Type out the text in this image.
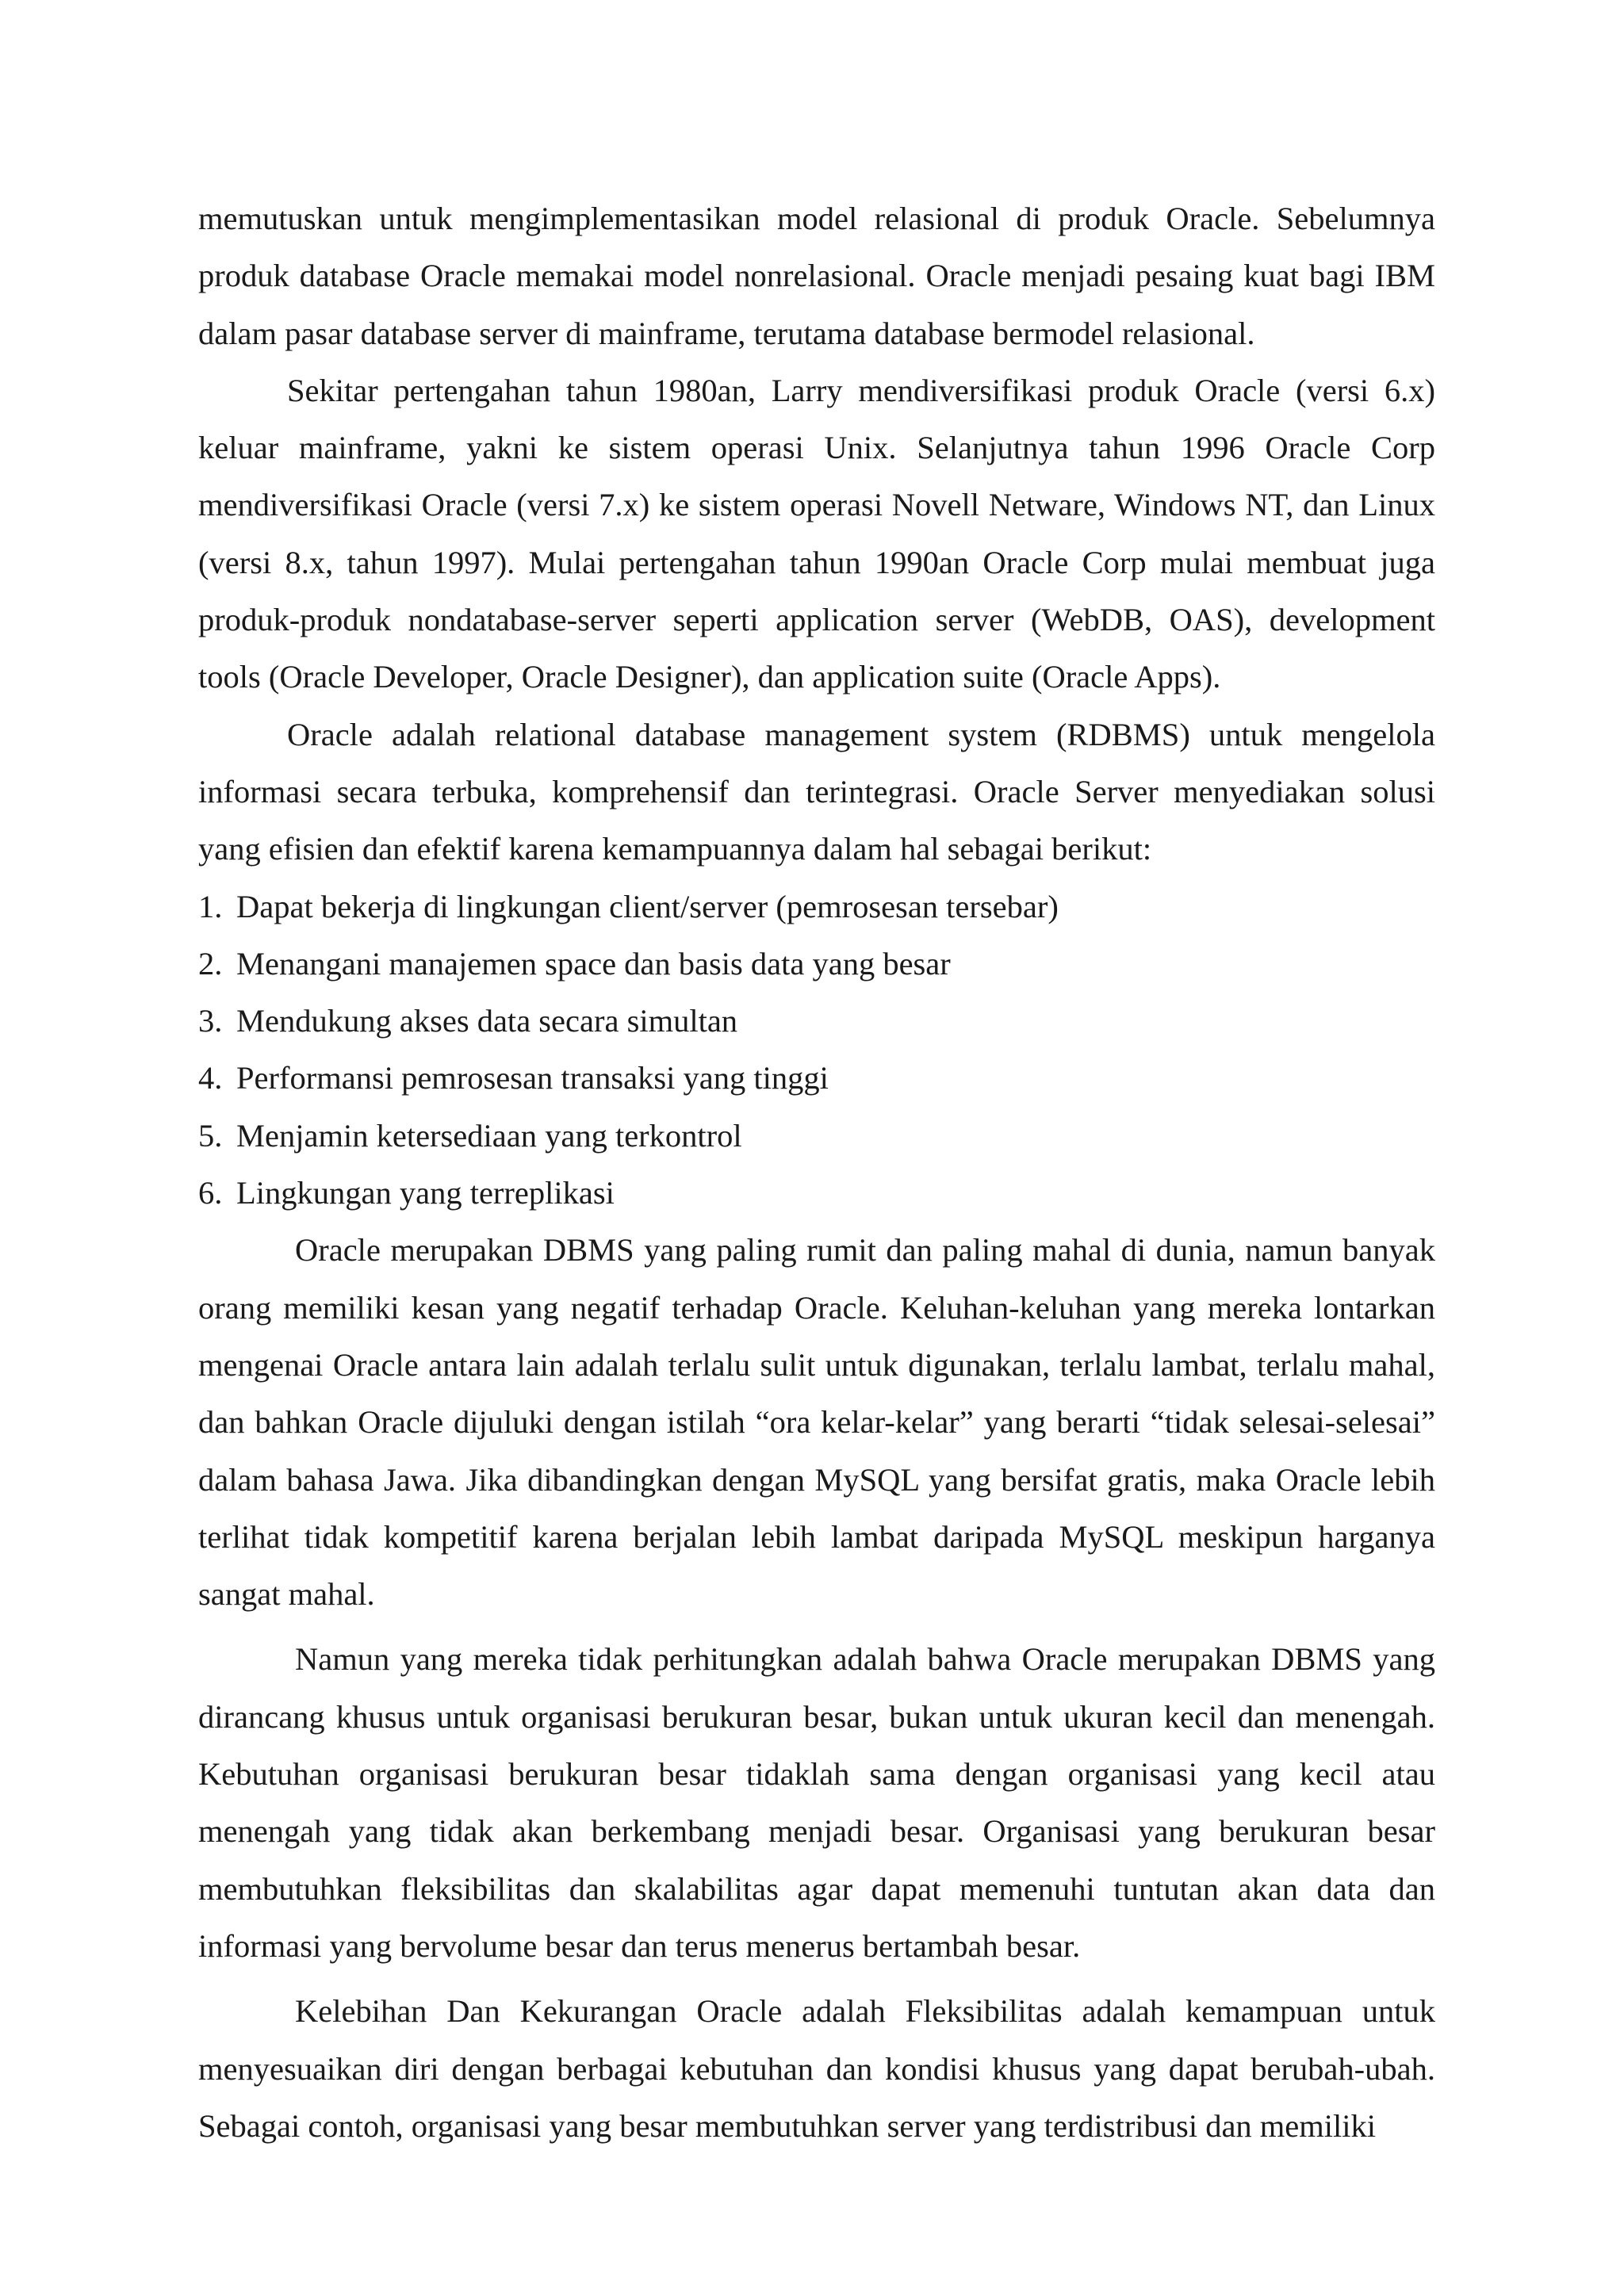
memutuskan untuk mengimplementasikan model relasional di produk Oracle. Sebelumnya produk database Oracle memakai model nonrelasional. Oracle menjadi pesaing kuat bagi IBM dalam pasar database server di mainframe, terutama database bermodel relasional.

Sekitar pertengahan tahun 1980an, Larry mendiversifikasi produk Oracle (versi 6.x) keluar mainframe, yakni ke sistem operasi Unix. Selanjutnya tahun 1996 Oracle Corp mendiversifikasi Oracle (versi 7.x) ke sistem operasi Novell Netware, Windows NT, dan Linux (versi 8.x, tahun 1997). Mulai pertengahan tahun 1990an Oracle Corp mulai membuat juga produk-produk nondatabase-server seperti application server (WebDB, OAS), development tools (Oracle Developer, Oracle Designer), dan application suite (Oracle Apps).

Oracle adalah relational database management system (RDBMS) untuk mengelola informasi secara terbuka, komprehensif dan terintegrasi. Oracle Server menyediakan solusi yang efisien dan efektif karena kemampuannya dalam hal sebagai berikut:

1. Dapat bekerja di lingkungan client/server (pemrosesan tersebar)
2. Menangani manajemen space dan basis data yang besar
3. Mendukung akses data secara simultan
4. Performansi pemrosesan transaksi yang tinggi
5. Menjamin ketersediaan yang terkontrol
6. Lingkungan yang terreplikasi

Oracle merupakan DBMS yang paling rumit dan paling mahal di dunia, namun banyak orang memiliki kesan yang negatif terhadap Oracle. Keluhan-keluhan yang mereka lontarkan mengenai Oracle antara lain adalah terlalu sulit untuk digunakan, terlalu lambat, terlalu mahal, dan bahkan Oracle dijuluki dengan istilah “ora kelar-kelar” yang berarti “tidak selesai-selesai” dalam bahasa Jawa. Jika dibandingkan dengan MySQL yang bersifat gratis, maka Oracle lebih terlihat tidak kompetitif karena berjalan lebih lambat daripada MySQL meskipun harganya sangat mahal.

Namun yang mereka tidak perhitungkan adalah bahwa Oracle merupakan DBMS yang dirancang khusus untuk organisasi berukuran besar, bukan untuk ukuran kecil dan menengah. Kebutuhan organisasi berukuran besar tidaklah sama dengan organisasi yang kecil atau menengah yang tidak akan berkembang menjadi besar. Organisasi yang berukuran besar membutuhkan fleksibilitas dan skalabilitas agar dapat memenuhi tuntutan akan data dan informasi yang bervolume besar dan terus menerus bertambah besar.

Kelebihan Dan Kekurangan Oracle adalah Fleksibilitas adalah kemampuan untuk menyesuaikan diri dengan berbagai kebutuhan dan kondisi khusus yang dapat berubah-ubah. Sebagai contoh, organisasi yang besar membutuhkan server yang terdistribusi dan memiliki
